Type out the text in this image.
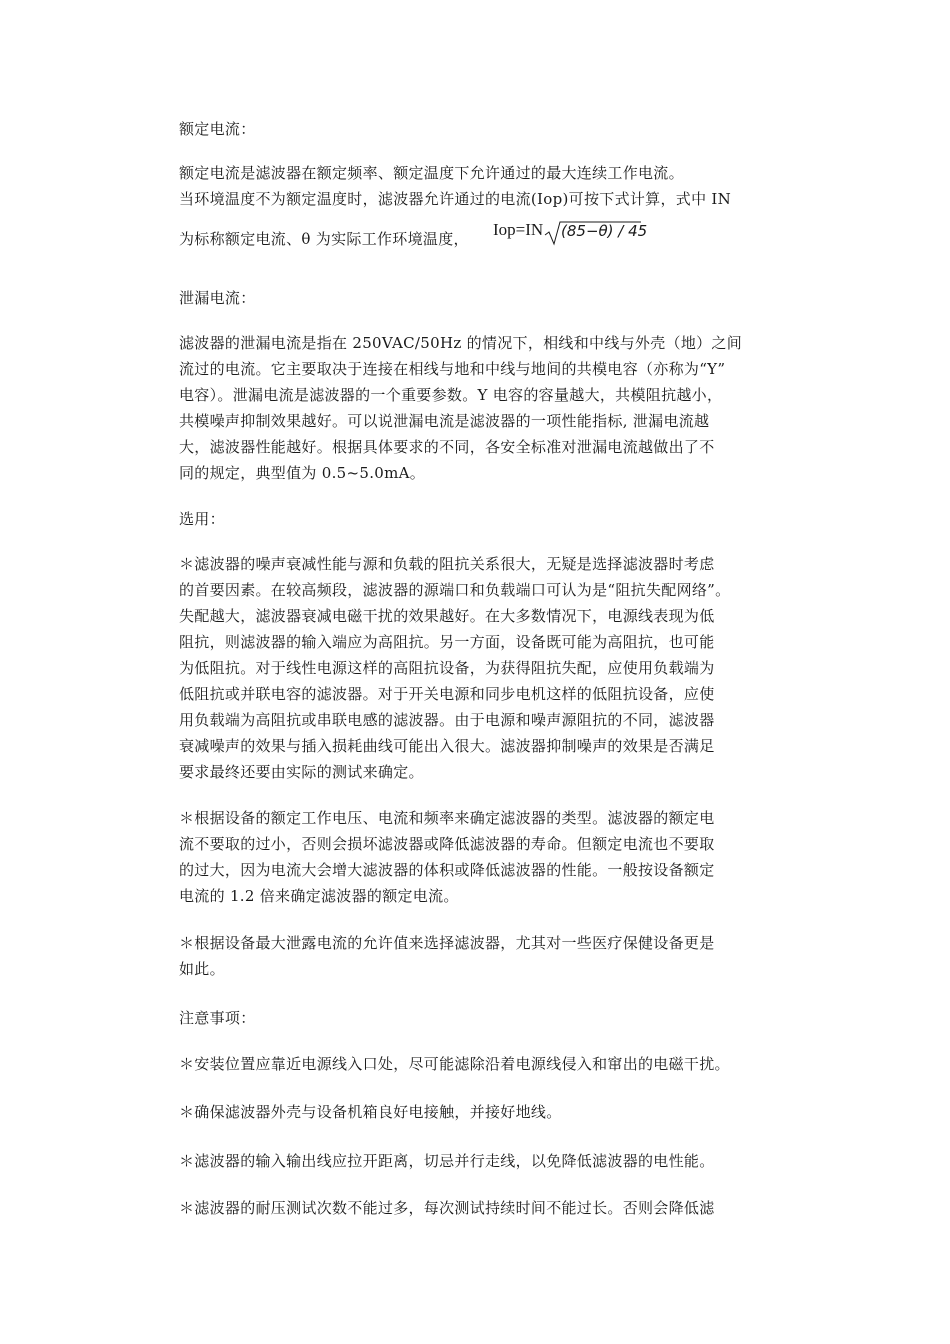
额定电流：
额定电流是滤波器在额定频率、额定温度下允许通过的最大连续工作电流。
当环境温度不为额定温度时，滤波器允许通过的电流(Iop)可按下式计算，式中 IN
为标称额定电流、θ 为实际工作环境温度， Iop=IN (85−θ) / 45
泄漏电流：
滤波器的泄漏电流是指在 250VAC/50Hz 的情况下，相线和中线与外壳（地）之间
流过的电流。它主要取决于连接在相线与地和中线与地间的共模电容（亦称为“Y”
电容）。泄漏电流是滤波器的一个重要参数。Y 电容的容量越大，共模阻抗越小，
共模噪声抑制效果越好。可以说泄漏电流是滤波器的一项性能指标, 泄漏电流越
大，滤波器性能越好。根据具体要求的不同，各安全标准对泄漏电流越做出了不
同的规定，典型值为 0.5~5.0mA。
选用：
＊滤波器的噪声衰减性能与源和负载的阻抗关系很大，无疑是选择滤波器时考虑
的首要因素。在较高频段，滤波器的源端口和负载端口可认为是“阻抗失配网络”。
失配越大，滤波器衰减电磁干扰的效果越好。在大多数情况下，电源线表现为低
阻抗，则滤波器的输入端应为高阻抗。另一方面，设备既可能为高阻抗，也可能
为低阻抗。对于线性电源这样的高阻抗设备，为获得阻抗失配，应使用负载端为
低阻抗或并联电容的滤波器。对于开关电源和同步电机这样的低阻抗设备，应使
用负载端为高阻抗或串联电感的滤波器。由于电源和噪声源阻抗的不同，滤波器
衰减噪声的效果与插入损耗曲线可能出入很大。滤波器抑制噪声的效果是否满足
要求最终还要由实际的测试来确定。
＊根据设备的额定工作电压、电流和频率来确定滤波器的类型。滤波器的额定电
流不要取的过小，否则会损坏滤波器或降低滤波器的寿命。但额定电流也不要取
的过大，因为电流大会增大滤波器的体积或降低滤波器的性能。一般按设备额定
电流的 1.2 倍来确定滤波器的额定电流。
＊根据设备最大泄露电流的允许值来选择滤波器，尤其对一些医疗保健设备更是
如此。
注意事项：
＊安装位置应靠近电源线入口处，尽可能滤除沿着电源线侵入和窜出的电磁干扰。
＊确保滤波器外壳与设备机箱良好电接触，并接好地线。
＊滤波器的输入输出线应拉开距离，切忌并行走线，以免降低滤波器的电性能。
＊滤波器的耐压测试次数不能过多，每次测试持续时间不能过长。否则会降低滤
